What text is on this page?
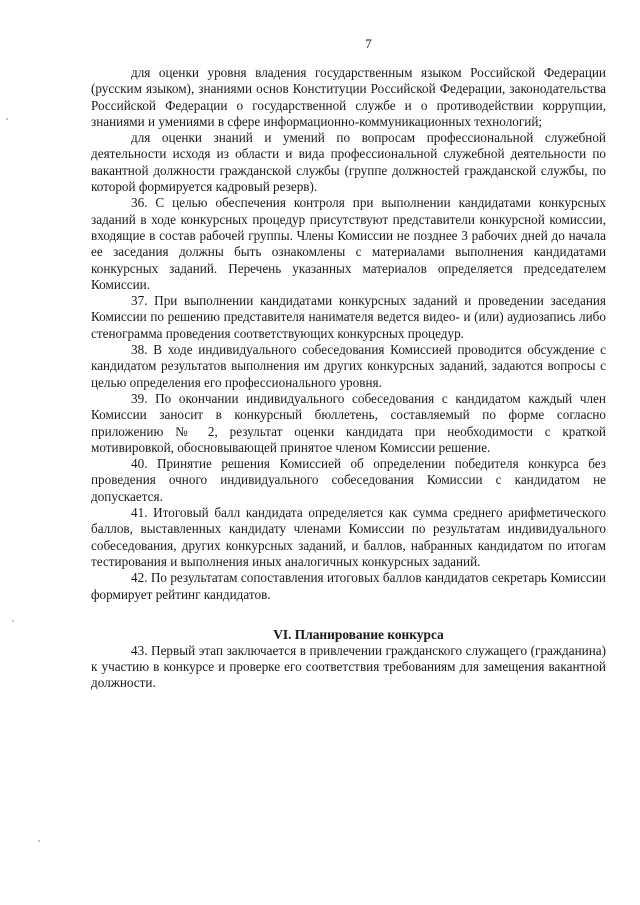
7

для оценки уровня владения государственным языком Российской Федерации (русским языком), знаниями основ Конституции Российской Федерации, законодательства Российской Федерации о государственной службе и о противодействии коррупции, знаниями и умениями в сфере информационно-коммуникационных технологий;

для оценки знаний и умений по вопросам профессиональной служебной деятельности исходя из области и вида профессиональной служебной деятельности по вакантной должности гражданской службы (группе должностей гражданской службы, по которой формируется кадровый резерв).

36. С целью обеспечения контроля при выполнении кандидатами конкурсных заданий в ходе конкурсных процедур присутствуют представители конкурсной комиссии, входящие в состав рабочей группы. Члены Комиссии не позднее 3 рабочих дней до начала ее заседания должны быть ознакомлены с материалами выполнения кандидатами конкурсных заданий. Перечень указанных материалов определяется председателем Комиссии.

37. При выполнении кандидатами конкурсных заданий и проведении заседания Комиссии по решению представителя нанимателя ведется видео- и (или) аудиозапись либо стенограмма проведения соответствующих конкурсных процедур.

38. В ходе индивидуального собеседования Комиссией проводится обсуждение с кандидатом результатов выполнения им других конкурсных заданий, задаются вопросы с целью определения его профессионального уровня.

39. По окончании индивидуального собеседования с кандидатом каждый член Комиссии заносит в конкурсный бюллетень, составляемый по форме согласно приложению № 2, результат оценки кандидата при необходимости с краткой мотивировкой, обосновывающей принятое членом Комиссии решение.

40. Принятие решения Комиссией об определении победителя конкурса без проведения очного индивидуального собеседования Комиссии с кандидатом не допускается.

41. Итоговый балл кандидата определяется как сумма среднего арифметического баллов, выставленных кандидату членами Комиссии по результатам индивидуального собеседования, других конкурсных заданий, и баллов, набранных кандидатом по итогам тестирования и выполнения иных аналогичных конкурсных заданий.

42. По результатам сопоставления итоговых баллов кандидатов секретарь Комиссии формирует рейтинг кандидатов.

VI. Планирование конкурса

43. Первый этап заключается в привлечении гражданского служащего (гражданина) к участию в конкурсе и проверке его соответствия требованиям для замещения вакантной должности.
